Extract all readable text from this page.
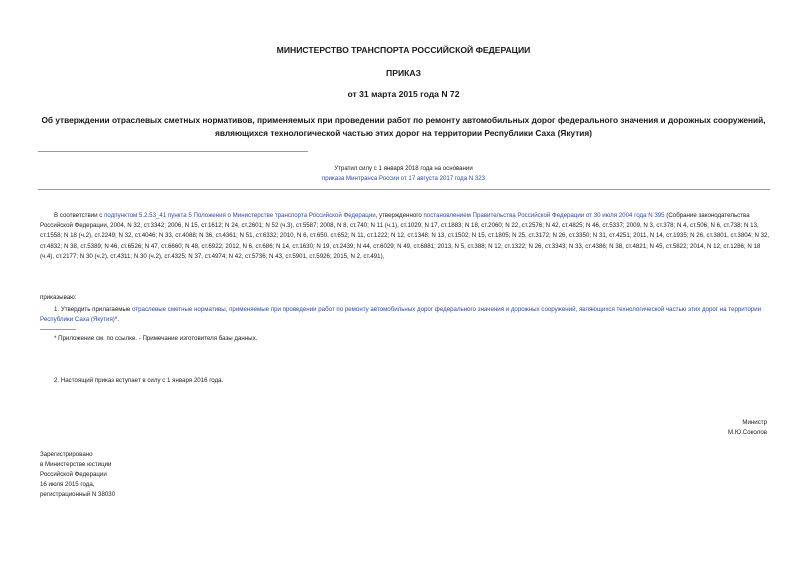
МИНИСТЕРСТВО ТРАНСПОРТА РОССИЙСКОЙ ФЕДЕРАЦИИ
ПРИКАЗ
от 31 марта 2015 года N 72
Об утверждении отраслевых сметных нормативов, применяемых при проведении работ по ремонту автомобильных дорог федерального значения и дорожных сооружений, являющихся технологической частью этих дорог на территории Республики Саха (Якутия)
Утратил силу с 1 января 2018 года на основании
приказа Минтранса России от 17 августа 2017 года N 323
В соответствии с подпунктом 5.2.53_41 пункта 5 Положения о Министерстве транспорта Российской Федерации, утвержденного постановлением Правительства Российской Федерации от 30 июля 2004 года N 395 (Собрание законодательства Российской Федерации, 2004, N 32, ст.3342; 2006, N 15, ст.1612; N 24, ст.2601; N 52 (ч.3), ст.5587; 2008, N 8, ст.740; N 11 (ч.1), ст.1029; N 17, ст.1883; N 18, ст.2060; N 22, ст.2576; N 42, ст.4825; N 46, ст.5337; 2009, N 3, ст.378; N 4, ст.506; N 6, ст.738; N 13, ст.1558; N 18 (ч.2), ст.2249; N 32, ст.4046; N 33, ст.4088; N 36, ст.4361; N 51, ст.6332; 2010, N 6, ст.650, ст.652; N 11, ст.1222; N 12, ст.1348; N 13, ст.1502; N 15, ст.1805; N 25, ст.3172; N 26, ст.3350; N 31, ст.4251; 2011, N 14, ст.1935; N 26, ст.3801, ст.3804; N 32, ст.4832; N 38, ст.5389; N 46, ст.6526; N 47, ст.6660; N 48, ст.6922; 2012, N 6, ст.686; N 14, ст.1630; N 19, ст.2439; N 44, ст.6029; N 49, ст.6881; 2013, N 5, ст.388; N 12, ст.1322; N 26, ст.3343; N 33, ст.4386; N 38, ст.4821; N 45, ст.5822; 2014, N 12, ст.1286; N 18 (ч.4), ст.2177; N 30 (ч.2), ст.4311; N 30 (ч.2), ст.4325; N 37, ст.4974; N 42, ст.5736; N 43, ст.5901, ст.5926; 2015, N 2, ст.491),
приказываю:
1. Утвердить прилагаемые отраслевые сметные нормативы, применяемые при проведении работ по ремонту автомобильных дорог федерального значения и дорожных сооружений, являющихся технологической частью этих дорог на территории Республики Саха (Якутия)*.
* Приложение см. по ссылке. - Примечание изготовителя базы данных.
2. Настоящий приказ вступает в силу с 1 января 2016 года.
Министр
М.Ю.Соколов
Зарегистрировано
в Министерстве юстиции
Российской Федерации
16 июля 2015 года,
регистрационный N 38030
